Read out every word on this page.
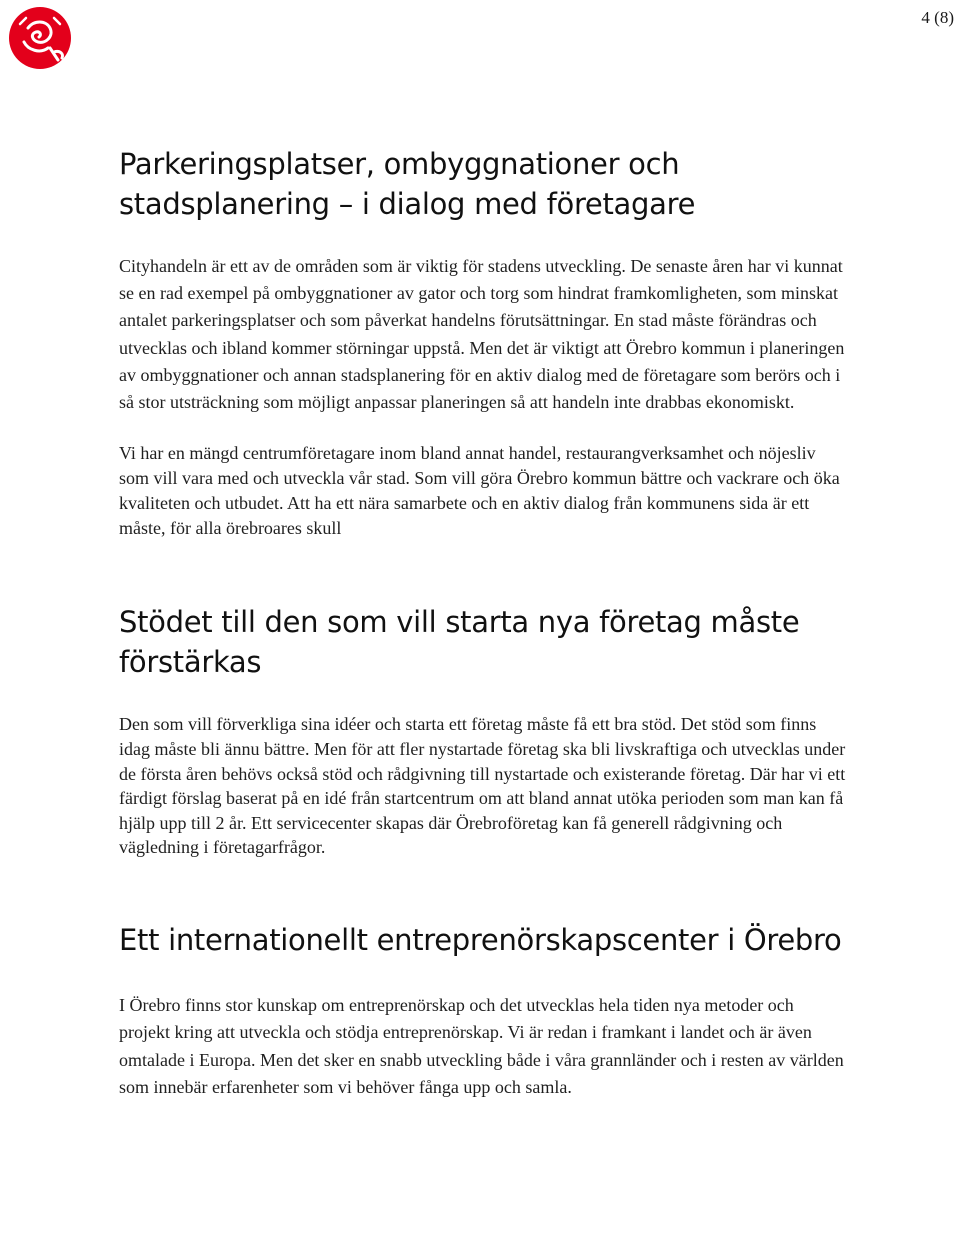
4 (8)
Parkeringsplatser, ombyggnationer och stadsplanering – i dialog med företagare

Cityhandeln är ett av de områden som är viktig för stadens utveckling. De senaste åren har vi kunnat se en rad exempel på ombyggnationer av gator och torg som hindrat framkomligheten, som minskat antalet parkeringsplatser och som påverkat handelns förutsättningar. En stad måste förändras och utvecklas och ibland kommer störningar uppstå. Men det är viktigt att Örebro kommun i planeringen av ombyggnationer och annan stadsplanering för en aktiv dialog med de företagare som berörs och i så stor utsträckning som möjligt anpassar planeringen så att handeln inte drabbas ekonomiskt.

Vi har en mängd centrumföretagare inom bland annat handel, restaurangverksamhet och nöjesliv som vill vara med och utveckla vår stad. Som vill göra Örebro kommun bättre och vackrare och öka kvaliteten och utbudet. Att ha ett nära samarbete och en aktiv dialog från kommunens sida är ett måste, för alla örebroares skull

Stödet till den som vill starta nya företag måste förstärkas

Den som vill förverkliga sina idéer och starta ett företag måste få ett bra stöd. Det stöd som finns idag måste bli ännu bättre. Men för att fler nystartade företag ska bli livskraftiga och utvecklas under de första åren behövs också stöd och rådgivning till nystartade och existerande företag. Där har vi ett färdigt förslag baserat på en idé från startcentrum om att bland annat utöka perioden som man kan få hjälp upp till 2 år. Ett servicecenter skapas där Örebroföretag kan få generell rådgivning och vägledning i företagarfrågor.

Ett internationellt entreprenörskapscenter i Örebro

I Örebro finns stor kunskap om entreprenörskap och det utvecklas hela tiden nya metoder och projekt kring att utveckla och stödja entreprenörskap. Vi är redan i framkant i landet och är även omtalade i Europa. Men det sker en snabb utveckling både i våra grannländer och i resten av världen som innebär erfarenheter som vi behöver fånga upp och samla.
